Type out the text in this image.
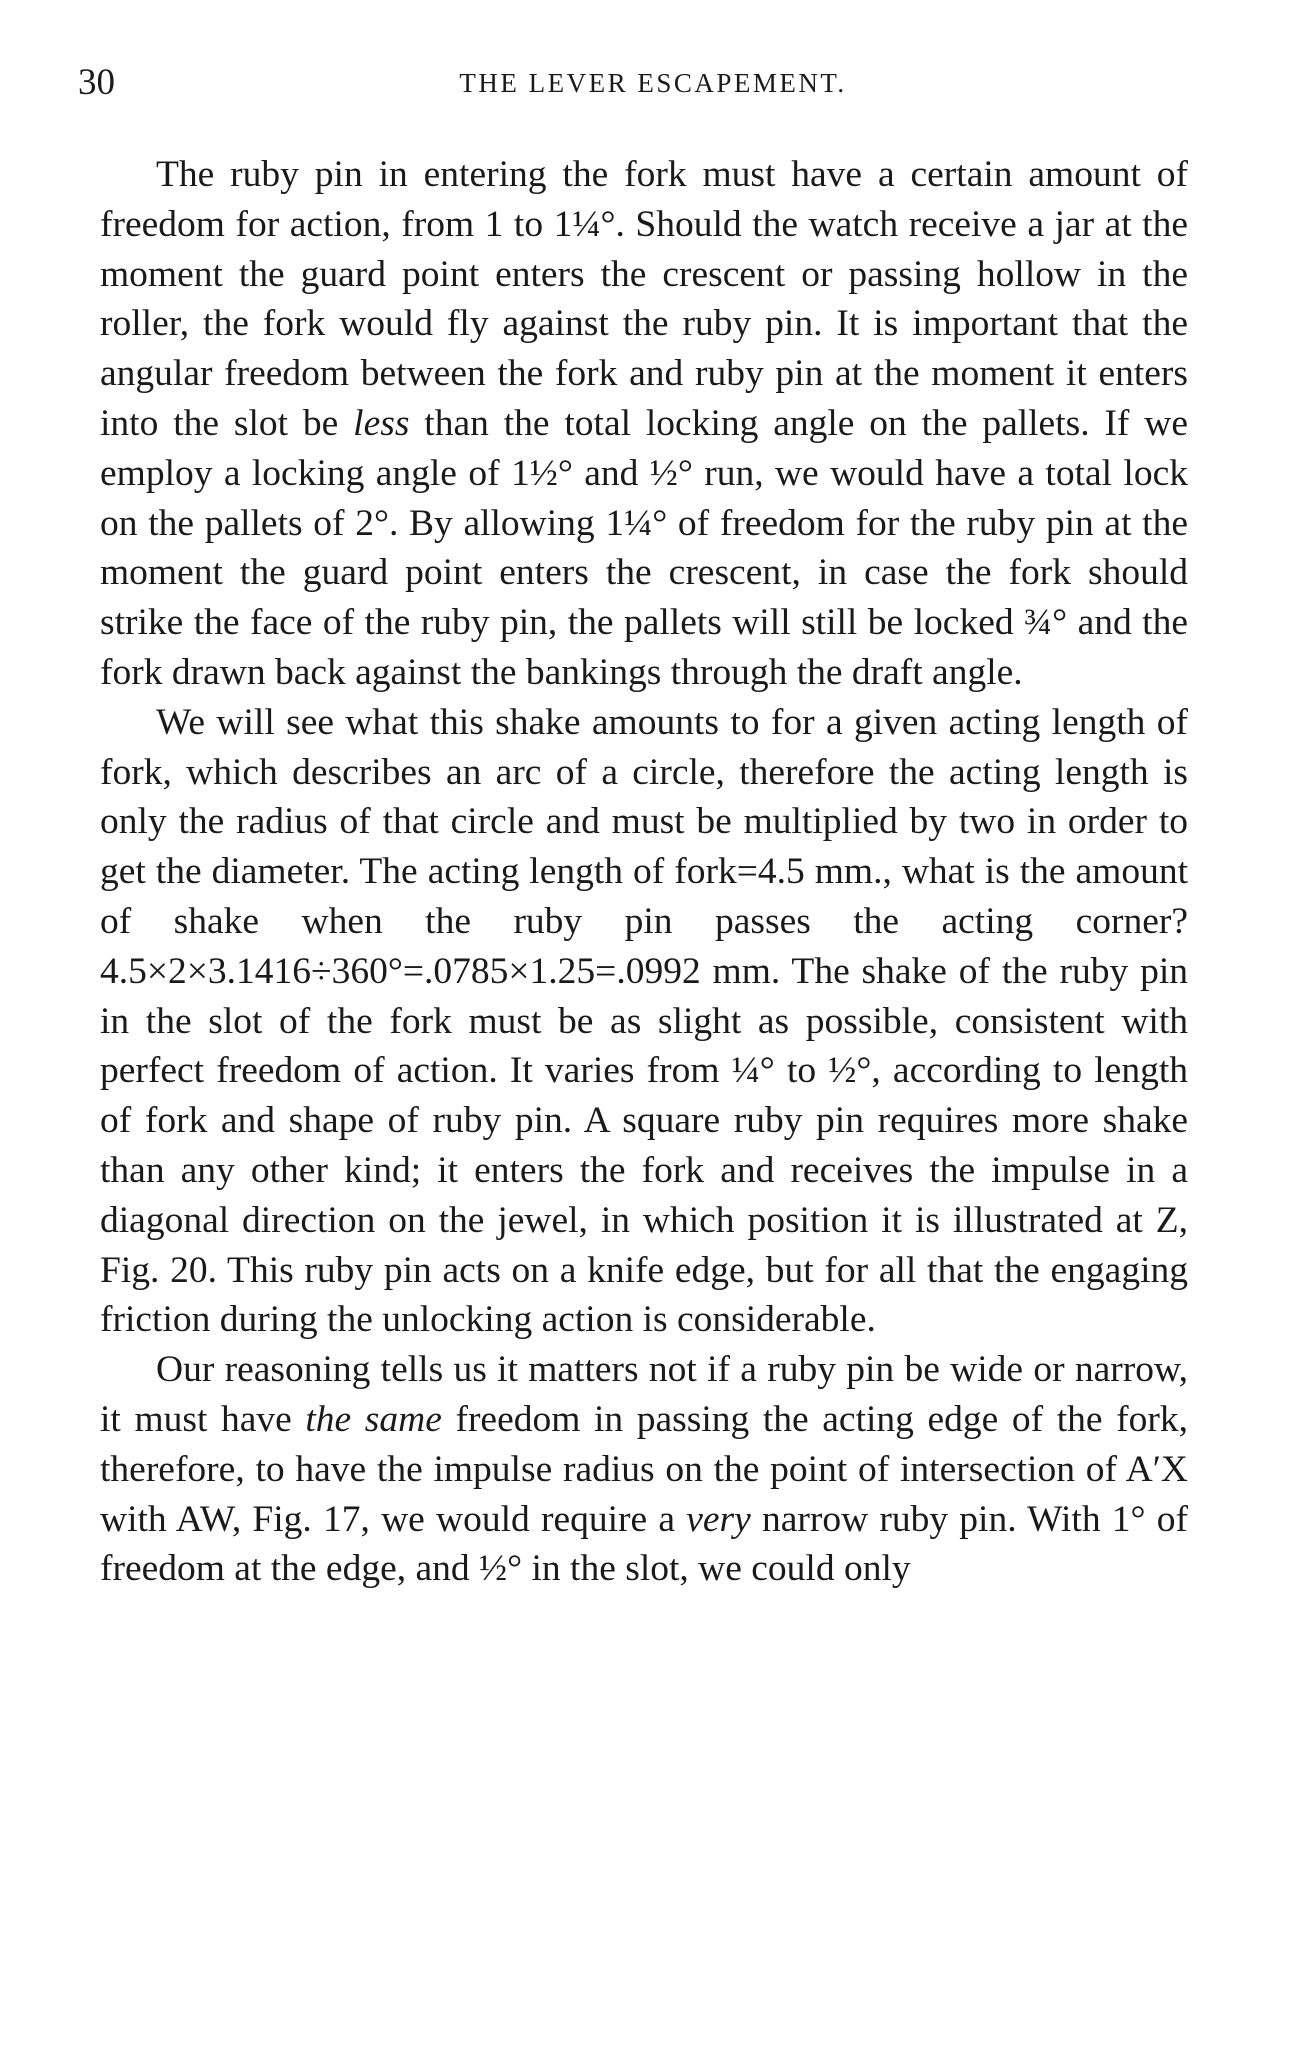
30	THE LEVER ESCAPEMENT.

The ruby pin in entering the fork must have a certain amount of freedom for action, from 1 to 1¼°. Should the watch receive a jar at the moment the guard point enters the crescent or passing hollow in the roller, the fork would fly against the ruby pin. It is important that the angular freedom between the fork and ruby pin at the moment it enters into the slot be less than the total locking angle on the pallets. If we employ a locking angle of 1½° and ½° run, we would have a total lock on the pallets of 2°. By allowing 1¼° of freedom for the ruby pin at the moment the guard point enters the crescent, in case the fork should strike the face of the ruby pin, the pallets will still be locked ¾° and the fork drawn back against the bankings through the draft angle.

We will see what this shake amounts to for a given acting length of fork, which describes an arc of a circle, therefore the acting length is only the radius of that circle and must be multiplied by two in order to get the diameter. The acting length of fork=4.5 mm., what is the amount of shake when the ruby pin passes the acting corner? 4.5×2×3.1416÷360°=.0785×1.25=.0992 mm. The shake of the ruby pin in the slot of the fork must be as slight as possible, consistent with perfect freedom of action. It varies from ¼° to ½°, according to length of fork and shape of ruby pin. A square ruby pin requires more shake than any other kind; it enters the fork and receives the impulse in a diagonal direction on the jewel, in which position it is illustrated at Z, Fig. 20. This ruby pin acts on a knife edge, but for all that the engaging friction during the unlocking action is considerable.

Our reasoning tells us it matters not if a ruby pin be wide or narrow, it must have the same freedom in passing the acting edge of the fork, therefore, to have the impulse radius on the point of intersection of A′X with AW, Fig. 17, we would require a very narrow ruby pin. With 1° of freedom at the edge, and ½° in the slot, we could only
